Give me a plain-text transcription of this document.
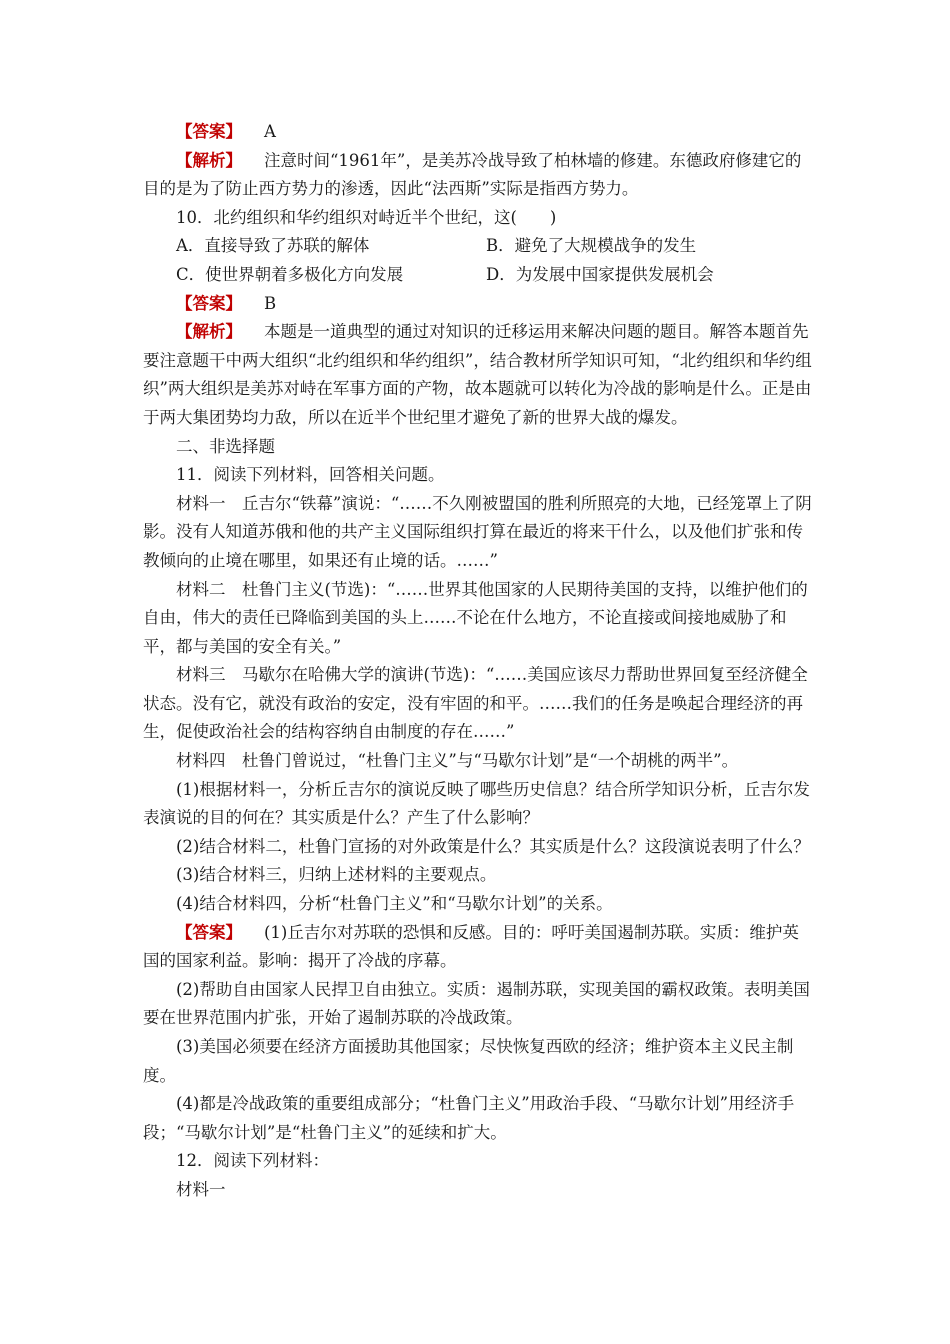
【答案】 A

【解析】 注意时间“1961年”，是美苏冷战导致了柏林墙的修建。东德政府修建它的目的是为了防止西方势力的渗透，因此“法西斯”实际是指西方势力。

10．北约组织和华约组织对峙近半个世纪，这(　　)

A．直接导致了苏联的解体	B．避免了大规模战争的发生
C．使世界朝着多极化方向发展	D．为发展中国家提供发展机会

【答案】 B

【解析】 本题是一道典型的通过对知识的迁移运用来解决问题的题目。解答本题首先要注意题干中两大组织“北约组织和华约组织”，结合教材所学知识可知，“北约组织和华约组织”两大组织是美苏对峙在军事方面的产物，故本题就可以转化为冷战的影响是什么。正是由于两大集团势均力敌，所以在近半个世纪里才避免了新的世界大战的爆发。

二、非选择题

11．阅读下列材料，回答相关问题。

材料一　丘吉尔“铁幕”演说：“……不久刚被盟国的胜利所照亮的大地，已经笼罩上了阴影。没有人知道苏俄和他的共产主义国际组织打算在最近的将来干什么，以及他们扩张和传教倾向的止境在哪里，如果还有止境的话。……”

材料二　杜鲁门主义(节选)：“……世界其他国家的人民期待美国的支持，以维护他们的自由，伟大的责任已降临到美国的头上……不论在什么地方，不论直接或间接地威胁了和平，都与美国的安全有关。”

材料三　马歇尔在哈佛大学的演讲(节选)：“……美国应该尽力帮助世界回复至经济健全状态。没有它，就没有政治的安定，没有牢固的和平。……我们的任务是唤起合理经济的再生，促使政治社会的结构容纳自由制度的存在……”

材料四　杜鲁门曾说过，“杜鲁门主义”与“马歇尔计划”是“一个胡桃的两半”。

(1)根据材料一，分析丘吉尔的演说反映了哪些历史信息？结合所学知识分析，丘吉尔发表演说的目的何在？其实质是什么？产生了什么影响？

(2)结合材料二，杜鲁门宣扬的对外政策是什么？其实质是什么？这段演说表明了什么？

(3)结合材料三，归纳上述材料的主要观点。

(4)结合材料四，分析“杜鲁门主义”和“马歇尔计划”的关系。

【答案】 (1)丘吉尔对苏联的恐惧和反感。目的：呼吁美国遏制苏联。实质：维护英国的国家利益。影响：揭开了冷战的序幕。

(2)帮助自由国家人民捍卫自由独立。实质：遏制苏联，实现美国的霸权政策。表明美国要在世界范围内扩张，开始了遏制苏联的冷战政策。

(3)美国必须要在经济方面援助其他国家；尽快恢复西欧的经济；维护资本主义民主制度。

(4)都是冷战政策的重要组成部分；“杜鲁门主义”用政治手段、“马歇尔计划”用经济手段；“马歇尔计划”是“杜鲁门主义”的延续和扩大。

12．阅读下列材料：

材料一
